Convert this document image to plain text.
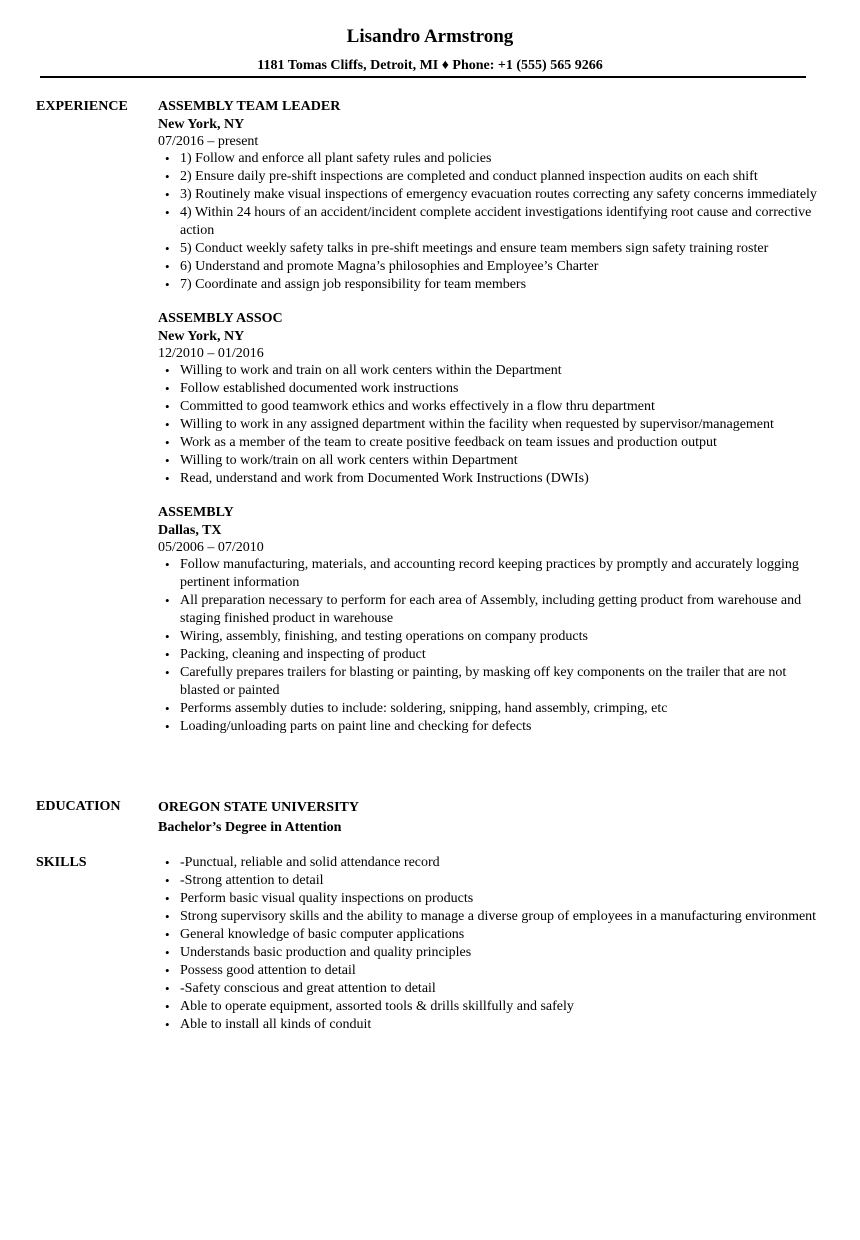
Lisandro Armstrong
1181 Tomas Cliffs, Detroit, MI ♦ Phone: +1 (555) 565 9266
EXPERIENCE ASSEMBLY TEAM LEADER
New York, NY
07/2016 – present
• 1) Follow and enforce all plant safety rules and policies
• 2) Ensure daily pre-shift inspections are completed and conduct planned inspection audits on each shift
• 3) Routinely make visual inspections of emergency evacuation routes correcting any safety concerns immediately
• 4) Within 24 hours of an accident/incident complete accident investigations identifying root cause and corrective action
• 5) Conduct weekly safety talks in pre-shift meetings and ensure team members sign safety training roster
• 6) Understand and promote Magna’s philosophies and Employee’s Charter
• 7) Coordinate and assign job responsibility for team members
ASSEMBLY ASSOC
New York, NY
12/2010 – 01/2016
• Willing to work and train on all work centers within the Department
• Follow established documented work instructions
• Committed to good teamwork ethics and works effectively in a flow thru department
• Willing to work in any assigned department within the facility when requested by supervisor/management
• Work as a member of the team to create positive feedback on team issues and production output
• Willing to work/train on all work centers within Department
• Read, understand and work from Documented Work Instructions (DWIs)
ASSEMBLY
Dallas, TX
05/2006 – 07/2010
• Follow manufacturing, materials, and accounting record keeping practices by promptly and accurately logging pertinent information
• All preparation necessary to perform for each area of Assembly, including getting product from warehouse and staging finished product in warehouse
• Wiring, assembly, finishing, and testing operations on company products
• Packing, cleaning and inspecting of product
• Carefully prepares trailers for blasting or painting, by masking off key components on the trailer that are not blasted or painted
• Performs assembly duties to include: soldering, snipping, hand assembly, crimping, etc
• Loading/unloading parts on paint line and checking for defects
EDUCATION	OREGON STATE UNIVERSITY
Bachelor’s Degree in Attention
SKILLS	• -Punctual, reliable and solid attendance record
• -Strong attention to detail
• Perform basic visual quality inspections on products
• Strong supervisory skills and the ability to manage a diverse group of employees in a manufacturing environment
• General knowledge of basic computer applications
• Understands basic production and quality principles
• Possess good attention to detail
• -Safety conscious and great attention to detail
• Able to operate equipment, assorted tools & drills skillfully and safely
• Able to install all kinds of conduit
